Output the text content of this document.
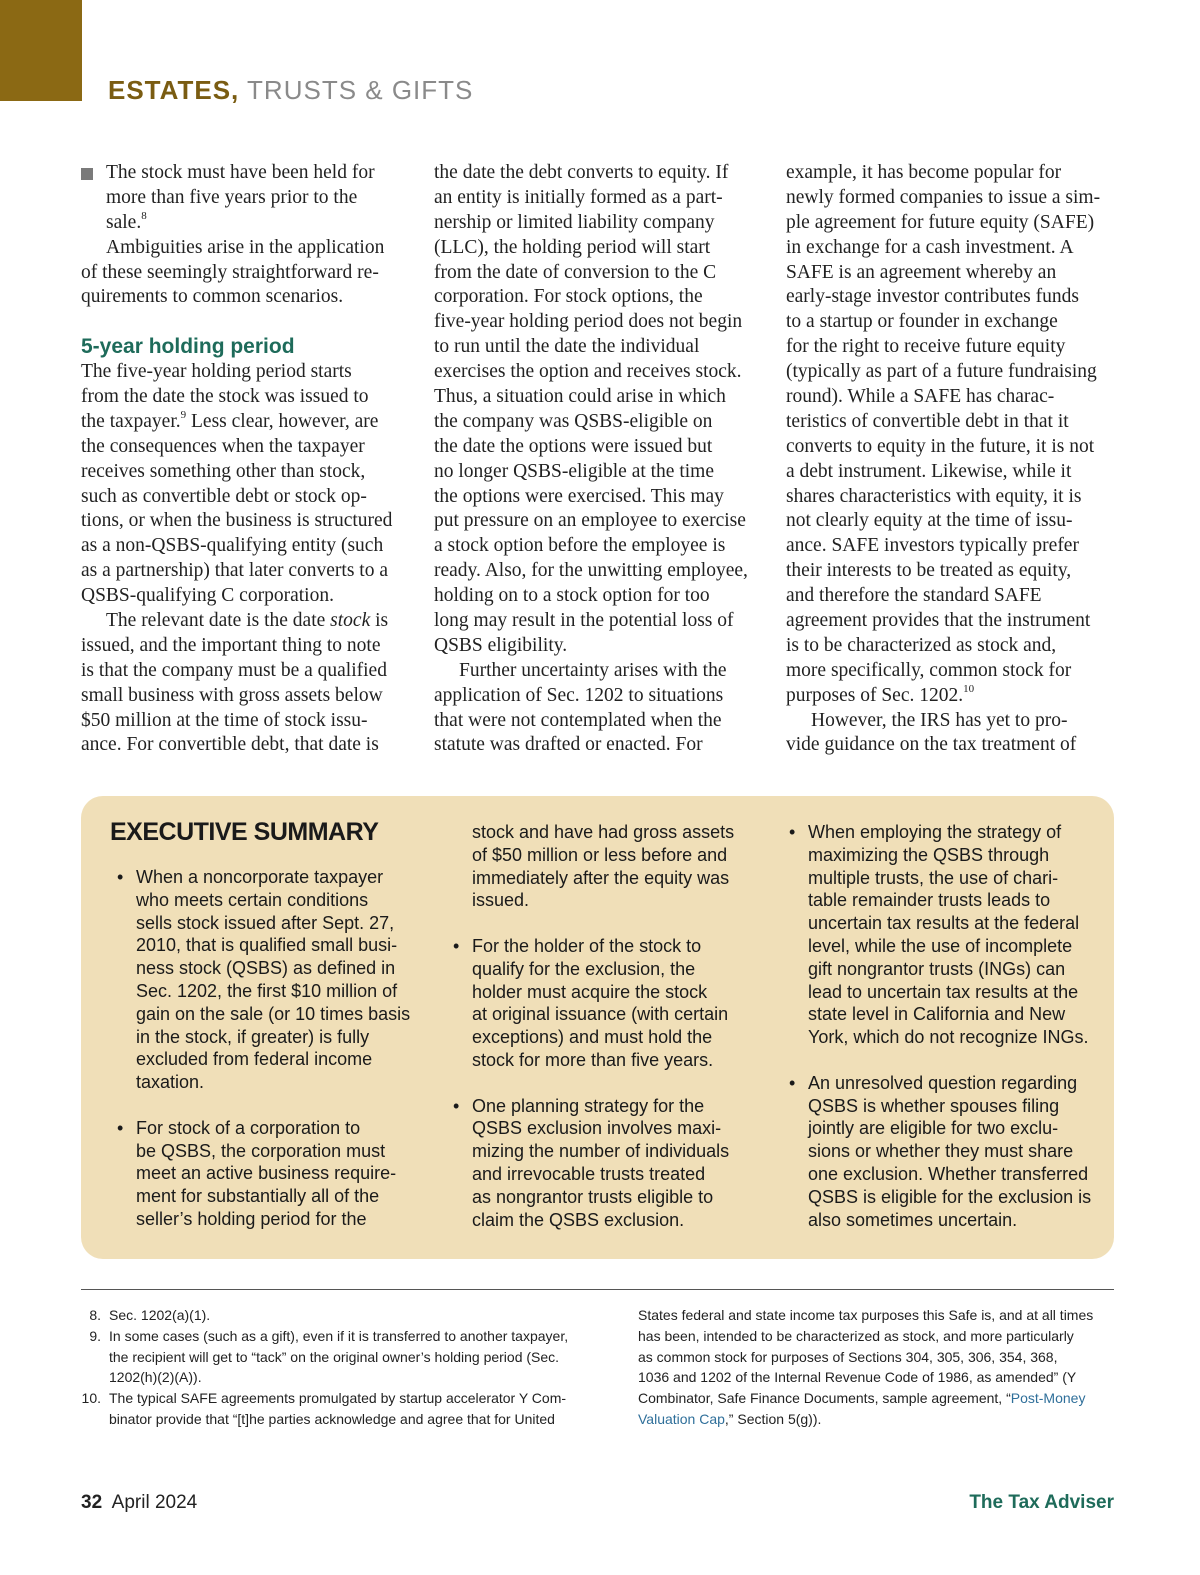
ESTATES, TRUSTS & GIFTS
The stock must have been held for
more than five years prior to the
sale.$^8$
Ambiguities arise in the application
of these seemingly straightforward re-
quirements to common scenarios.
5-year holding period
The five-year holding period starts
from the date the stock was issued to
the taxpayer.$^9$ Less clear, however, are
the consequences when the taxpayer
receives something other than stock,
such as convertible debt or stock op-
tions, or when the business is structured
as a non-QSBS-qualifying entity (such
as a partnership) that later converts to a
QSBS-qualifying C corporation.
The relevant date is the date stock is
issued, and the important thing to note
is that the company must be a qualified
small business with gross assets below
$50 million at the time of stock issu-
ance. For convertible debt, that date is
the date the debt converts to equity. If
an entity is initially formed as a part-
nership or limited liability company
(LLC), the holding period will start
from the date of conversion to the C
corporation. For stock options, the
five-year holding period does not begin
to run until the date the individual
exercises the option and receives stock.
Thus, a situation could arise in which
the company was QSBS-eligible on
the date the options were issued but
no longer QSBS-eligible at the time
the options were exercised. This may
put pressure on an employee to exercise
a stock option before the employee is
ready. Also, for the unwitting employee,
holding on to a stock option for too
long may result in the potential loss of
QSBS eligibility.
Further uncertainty arises with the
application of Sec. 1202 to situations
that were not contemplated when the
statute was drafted or enacted. For
example, it has become popular for
newly formed companies to issue a sim-
ple agreement for future equity (SAFE)
in exchange for a cash investment. A
SAFE is an agreement whereby an
early-stage investor contributes funds
to a startup or founder in exchange
for the right to receive future equity
(typically as part of a future fundraising
round). While a SAFE has charac-
teristics of convertible debt in that it
converts to equity in the future, it is not
a debt instrument. Likewise, while it
shares characteristics with equity, it is
not clearly equity at the time of issu-
ance. SAFE investors typically prefer
their interests to be treated as equity,
and therefore the standard SAFE
agreement provides that the instrument
is to be characterized as stock and,
more specifically, common stock for
purposes of Sec. 1202.10
However, the IRS has yet to pro-
vide guidance on the tax treatment of
EXECUTIVE SUMMARY
• When a noncorporate taxpayer
who meets certain conditions
sells stock issued after Sept. 27,
2010, that is qualified small busi-
ness stock (QSBS) as defined in
Sec. 1202, the first $10 million of
gain on the sale (or 10 times basis
in the stock, if greater) is fully
excluded from federal income
taxation.
• For stock of a corporation to
be QSBS, the corporation must
meet an active business require-
ment for substantially all of the
seller’s holding period for the
stock and have had gross assets
of $50 million or less before and
immediately after the equity was
issued.
• For the holder of the stock to
qualify for the exclusion, the
holder must acquire the stock
at original issuance (with certain
exceptions) and must hold the
stock for more than five years.
• One planning strategy for the
QSBS exclusion involves maxi-
mizing the number of individuals
and irrevocable trusts treated
as nongrantor trusts eligible to
claim the QSBS exclusion.
• When employing the strategy of
maximizing the QSBS through
multiple trusts, the use of chari-
table remainder trusts leads to
uncertain tax results at the federal
level, while the use of incomplete
gift nongrantor trusts (INGs) can
lead to uncertain tax results at the
state level in California and New
York, which do not recognize INGs.
• An unresolved question regarding
QSBS is whether spouses filing
jointly are eligible for two exclu-
sions or whether they must share
one exclusion. Whether transferred
QSBS is eligible for the exclusion is
also sometimes uncertain.
8. Sec. 1202(a)(1).
9. In some cases (such as a gift), even if it is transferred to another taxpayer,
the recipient will get to “tack” on the original owner’s holding period (Sec.
1202(h)(2)(A)).
10. The typical SAFE agreements promulgated by startup accelerator Y Com-
binator provide that “[t]he parties acknowledge and agree that for United
States federal and state income tax purposes this Safe is, and at all times
has been, intended to be characterized as stock, and more particularly
as common stock for purposes of Sections 304, 305, 306, 354, 368,
1036 and 1202 of the Internal Revenue Code of 1986, as amended” (Y
Combinator, Safe Finance Documents, sample agreement, “Post-Money
Valuation Cap,” Section 5(g)).
32 April 2024	The Tax Adviser
